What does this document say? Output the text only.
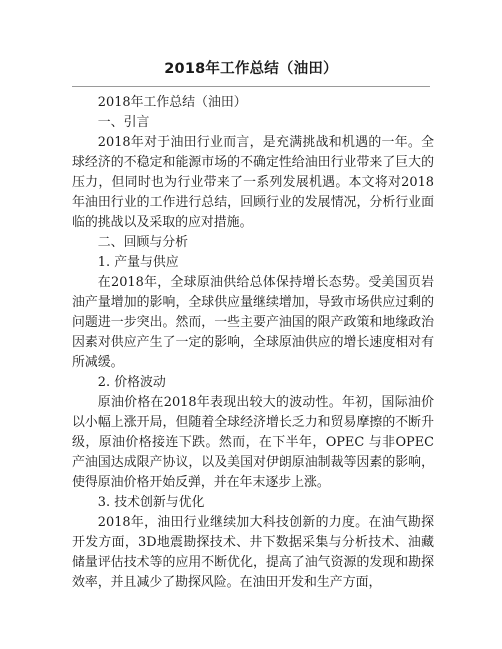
2018年工作总结（油田）

2018年工作总结（油田）

一、引言

2018年对于油田行业而言，是充满挑战和机遇的一年。全球经济的不稳定和能源市场的不确定性给油田行业带来了巨大的压力，但同时也为行业带来了一系列发展机遇。本文将对2018年油田行业的工作进行总结，回顾行业的发展情况，分析行业面临的挑战以及采取的应对措施。

二、回顾与分析

1. 产量与供应

在2018年，全球原油供给总体保持增长态势。受美国页岩油产量增加的影响，全球供应量继续增加，导致市场供应过剩的问题进一步突出。然而，一些主要产油国的限产政策和地缘政治因素对供应产生了一定的影响，全球原油供应的增长速度相对有所减缓。

2. 价格波动

原油价格在2018年表现出较大的波动性。年初，国际油价以小幅上涨开局，但随着全球经济增长乏力和贸易摩擦的不断升级，原油价格接连下跌。然而，在下半年，OPEC 与非OPEC产油国达成限产协议，以及美国对伊朗原油制裁等因素的影响，使得原油价格开始反弹，并在年末逐步上涨。

3. 技术创新与优化

2018年，油田行业继续加大科技创新的力度。在油气勘探开发方面，3D地震勘探技术、井下数据采集与分析技术、油藏储量评估技术等的应用不断优化，提高了油气资源的发现和勘探效率，并且减少了勘探风险。在油田开发和生产方面，
